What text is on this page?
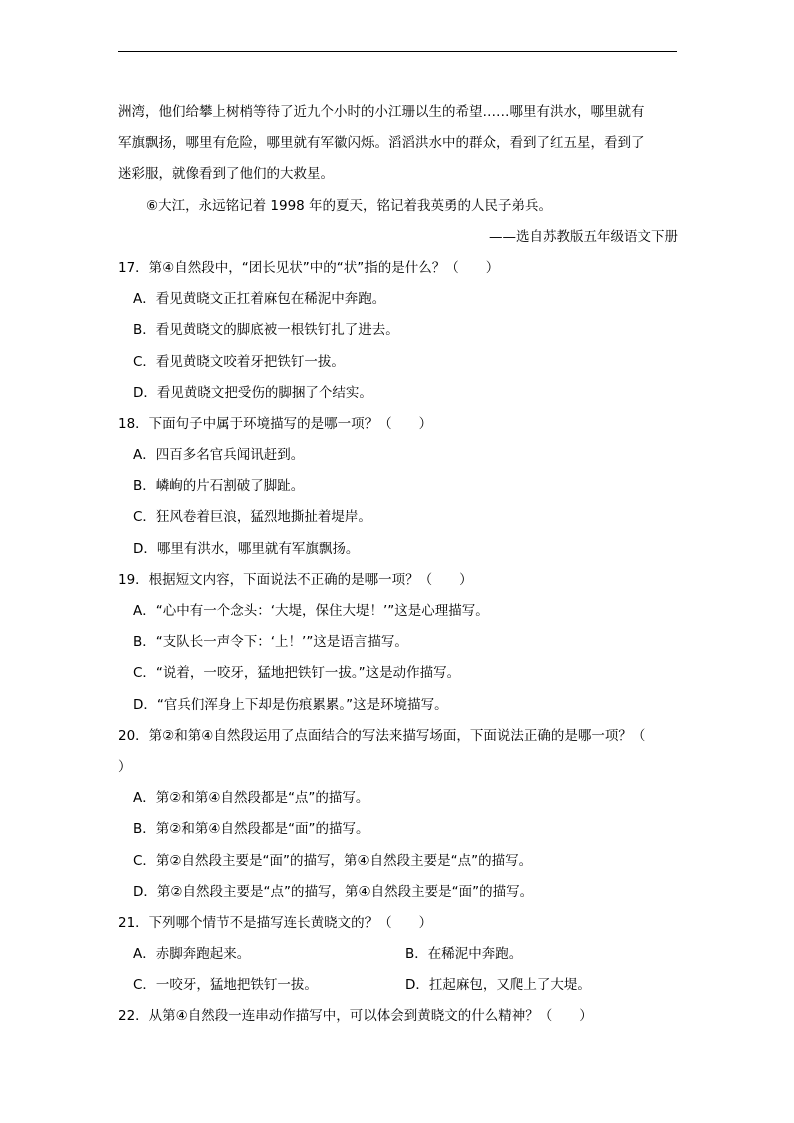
洲湾，他们给攀上树梢等待了近九个小时的小江珊以生的希望……哪里有洪水，哪里就有
军旗飘扬，哪里有危险，哪里就有军徽闪烁。滔滔洪水中的群众，看到了红五星，看到了
迷彩服，就像看到了他们的大救星。
⑥大江，永远铭记着 1998 年的夏天，铭记着我英勇的人民子弟兵。
——选自苏教版五年级语文下册
17．第④自然段中，“团长见状”中的“状”指的是什么？（　　）
A．看见黄晓文正扛着麻包在稀泥中奔跑。
B．看见黄晓文的脚底被一根铁钉扎了进去。
C．看见黄晓文咬着牙把铁钉一拔。
D．看见黄晓文把受伤的脚捆了个结实。
18．下面句子中属于环境描写的是哪一项？（　　）
A．四百多名官兵闻讯赶到。
B．嶙峋的片石割破了脚趾。
C．狂风卷着巨浪，猛烈地撕扯着堤岸。
D．哪里有洪水，哪里就有军旗飘扬。
19．根据短文内容，下面说法不正确的是哪一项？（　　）
A．“心中有一个念头：‘大堤，保住大堤！’”这是心理描写。
B．“支队长一声令下：‘上！’”这是语言描写。
C．“说着，一咬牙，猛地把铁钉一拔。”这是动作描写。
D．“官兵们浑身上下却是伤痕累累。”这是环境描写。
20．第②和第④自然段运用了点面结合的写法来描写场面，下面说法正确的是哪一项？（
）
A．第②和第④自然段都是“点”的描写。
B．第②和第④自然段都是“面”的描写。
C．第②自然段主要是“面”的描写，第④自然段主要是“点”的描写。
D．第②自然段主要是“点”的描写，第④自然段主要是“面”的描写。
21．下列哪个情节不是描写连长黄晓文的？（　　）
A．赤脚奔跑起来。	B．在稀泥中奔跑。
C．一咬牙，猛地把铁钉一拔。	D．扛起麻包，又爬上了大堤。
22．从第④自然段一连串动作描写中，可以体会到黄晓文的什么精神？（　　）
